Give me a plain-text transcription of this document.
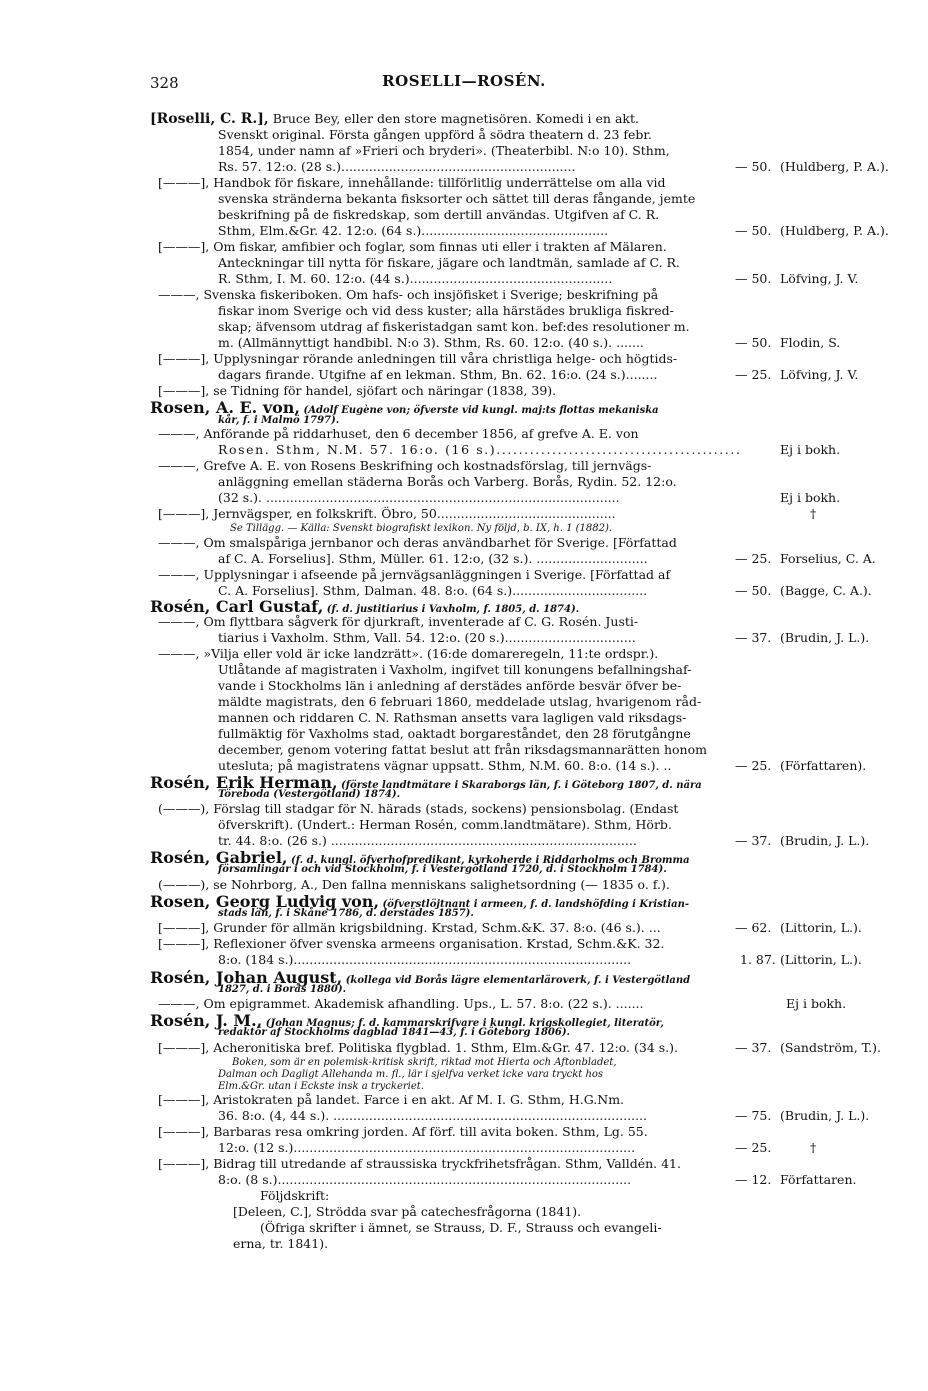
328	ROSELLI—ROSÉN.
[Roselli, C. R.], Bruce Bey, eller den store magnetisören. Komedi i en akt.
Svenskt original. Första gången uppförd å södra theatern d. 23 febr.
1854, under namn af »Frieri och bryderi». (Theaterbibl. N:o 10). Sthm,
Rs. 57. 12:o. (28 s.)...........................................................	— 50. (Huldberg, P. A.).
[———], Handbok för fiskare, innehållande: tillförlitlig underrättelse om alla vid
svenska stränderna bekanta fisksorter och sättet till deras fångande, jemte
beskrifning på de fiskredskap, som dertill användas. Utgifven af C. R.
Sthm, Elm.&Gr. 42. 12:o. (64 s.)...............................................	— 50. (Huldberg, P. A.).
[———], Om fiskar, amfibier och foglar, som finnas uti eller i trakten af Mälaren.
Anteckningar till nytta för fiskare, jägare och landtmän, samlade af C. R.
R. Sthm, I. M. 60. 12:o. (44 s.)...................................................	— 50. Löfving, J. V.
———, Svenska fiskeriboken. Om hafs- och insjöfisket i Sverige; beskrifning på
fiskar inom Sverige och vid dess kuster; alla härstädes brukliga fiskred-
skap; äfvensom utdrag af fiskeristadgan samt kon. bef:des resolutioner m.
m. (Allmännyttigt handbibl. N:o 3). Sthm, Rs. 60. 12:o. (40 s.). .......	— 50. Flodin, S.
[———], Upplysningar rörande anledningen till våra christliga helge- och högtids-
dagars firande. Utgifne af en lekman. Sthm, Bn. 62. 16:o. (24 s.)........	— 25. Löfving, J. V.
[———], se Tidning för handel, sjöfart och näringar (1838, 39).
Rosen, A. E. von, (Adolf Eugène von; öfverste vid kungl. maj:ts flottas mekaniska
kår, f. i Malmö 1797).
———, Anförande på riddarhuset, den 6 december 1856, af grefve A. E. von
Rosen. Sthm, N.M. 57. 16:o. (16 s.)............................................	Ej i bokh.
———, Grefve A. E. von Rosens Beskrifning och kostnadsförslag, till jernvägs-
anläggning emellan städerna Borås och Varberg. Borås, Rydin. 52. 12:o.
(32 s.). .........................................................................................	Ej i bokh.
[———], Jernvägsper, en folkskrift. Öbro, 50.............................................	†
Se Tillägg. — Källa: Svenskt biografiskt lexikon. Ny följd, b. IX, h. 1 (1882).
———, Om smalspåriga jernbanor och deras användbarhet för Sverige. [Författad
af C. A. Forselius]. Sthm, Müller. 61. 12:o, (32 s.). ............................	— 25. Forselius, C. A.
———, Upplysningar i afseende på jernvägsanläggningen i Sverige. [Författad af
C. A. Forselius]. Sthm, Dalman. 48. 8:o. (64 s.)..................................	— 50. (Bagge, C. A.).
Rosén, Carl Gustaf, (f. d. justitiarius i Vaxholm, f. 1805, d. 1874).
———, Om flyttbara sågverk för djurkraft, inventerade af C. G. Rosén. Justi-
tiarius i Vaxholm. Sthm, Vall. 54. 12:o. (20 s.).................................	— 37. (Brudin, J. L.).
———, »Vilja eller vold är icke landzrätt». (16:de domareregeln, 11:te ordspr.).
Utlåtande af magistraten i Vaxholm, ingifvet till konungens befallningshaf-
vande i Stockholms län i anledning af derstädes anförde besvär öfver be-
mäldte magistrats, den 6 februari 1860, meddelade utslag, hvarigenom råd-
mannen och riddaren C. N. Rathsman ansetts vara lagligen vald riksdags-
fullmäktig för Vaxholms stad, oaktadt borgareståndet, den 28 förutgångne
december, genom votering fattat beslut att från riksdagsmannarätten honom
utesluta; på magistratens vägnar uppsatt. Sthm, N.M. 60. 8:o. (14 s.). ..	— 25. (Författaren).
Rosén, Erik Herman, (förste landtmätare i Skaraborgs län, f. i Göteborg 1807, d. nära
Töreboda (Vestergötland) 1874).
(———), Förslag till stadgar för N. härads (stads, sockens) pensionsbolag. (Endast
öfverskrift). (Undert.: Herman Rosén, comm.landtmätare). Sthm, Hörb.
tr. 44. 8:o. (26 s.) .............................................................................	— 37. (Brudin, J. L.).
Rosén, Gabriel, (f. d. kungl. öfverhofpredikant, kyrkoherde i Riddarholms och Bromma
församlingar i och vid Stockholm, f. i Vestergötland 1720, d. i Stockholm 1784).
(———), se Nohrborg, A., Den fallna menniskans salighetsordning (— 1835 o. f.).
Rosen, Georg Ludvig von, (öfverstlöjtnant i armeen, f. d. landshöfding i Kristian-
stads län, f. i Skåne 1786, d. derstädes 1857).
[———], Grunder för allmän krigsbildning. Krstad, Schm.&K. 37. 8:o. (46 s.). ...	— 62. (Littorin, L.).
[———], Reflexioner öfver svenska armeens organisation. Krstad, Schm.&K. 32.
8:o. (184 s.).....................................................................................	1. 87. (Littorin, L.).
Rosén, Johan August, (kollega vid Borås lägre elementarläroverk, f. i Vestergötland
1827, d. i Borås 1880).
———, Om epigrammet. Akademisk afhandling. Ups., L. 57. 8:o. (22 s.). .......	Ej i bokh.
Rosén, J. M., (Johan Magnus; f. d. kammarskrifvare i kungl. krigskollegiet, literatör,
redaktör af Stockholms dagblad 1841—43, f. i Göteborg 1806).
[———], Acheronitiska bref. Politiska flygblad. 1. Sthm, Elm.&Gr. 47. 12:o. (34 s.).	— 37. (Sandström, T.).
Boken, som är en polemisk-kritisk skrift, riktad mot Hierta och Aftonbladet,
Dalman och Dagligt Allehanda m. fl., lär i sjelfva verket icke vara tryckt hos
Elm.&Gr. utan i Eckste insk a tryckeriet.
[———], Aristokraten på landet. Farce i en akt. Af M. I. G. Sthm, H.G.Nm.
36. 8:o. (4, 44 s.). ...............................................................................	— 75. (Brudin, J. L.).
[———], Barbaras resa omkring jorden. Af förf. till avita boken. Sthm, Lg. 55.
12:o. (12 s.)......................................................................................	— 25.	†
[———], Bidrag till utredande af straussiska tryckfrihetsfrågan. Sthm, Valldén. 41.
8:o. (8 s.).........................................................................................	— 12. Författaren.
Följdskrift:
[Deleen, C.], Strödda svar på catechesfrågorna (1841).
(Öfriga skrifter i ämnet, se Strauss, D. F., Strauss och evangeli-
erna, tr. 1841).
